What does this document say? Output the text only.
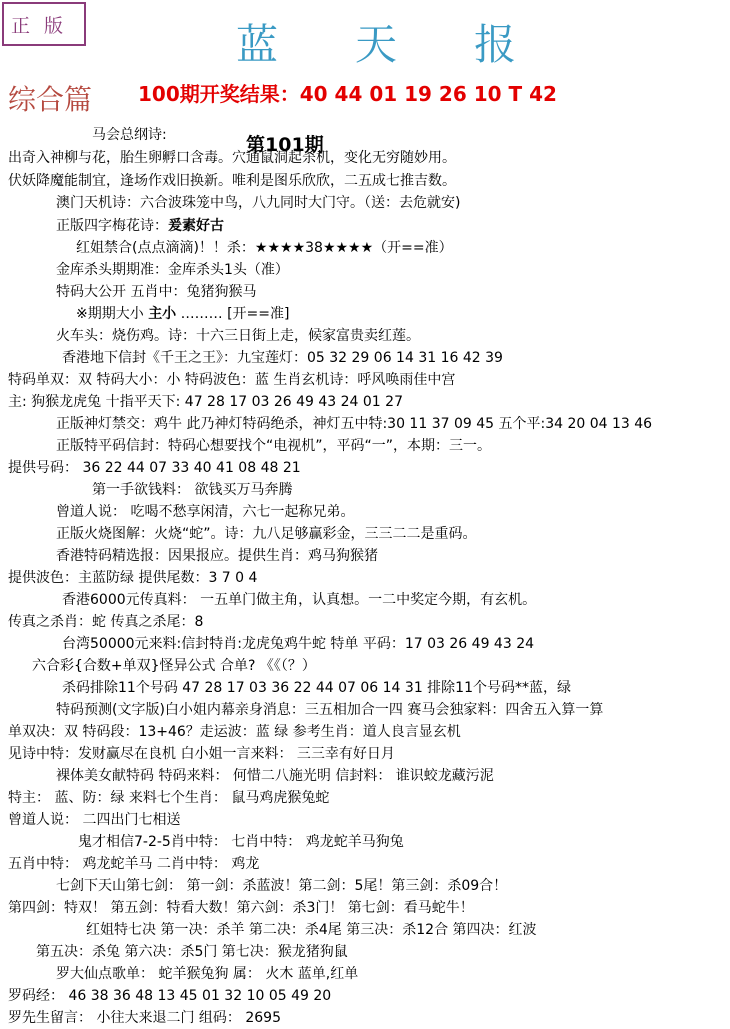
正版	蓝 天 报
综合篇 100期开奖结果：40 44 01 19 26 10 T 42
第101期
马会总纲诗:
出奇入神柳与花，胎生卵孵口含毒。穴通鼠洞起杀机，变化无穷随妙用。
伏妖降魔能制宜，逢场作戏旧换新。唯利是图乐欣欣，二五成七推吉数。
澳门天机诗：六合波珠笼中鸟，八九同时大门守。（送：去危就安)
正版四字梅花诗：爰素好古
红姐禁合(点点滴滴)！！杀：★★★★38★★★★（开==准）
金库杀头期期准：金库杀头1头（准）
特码大公开 五肖中：兔猪狗猴马
※期期大小 主小 ……… [开==准]
火车头：烧伤鸡。诗：十六三日街上走，候家富贵卖红莲。
香港地下信封《千王之王》：九宝莲灯：05 32 29 06 14 31 16 42 39
特码单双：双 特码大小：小 特码波色：蓝 生肖玄机诗：呼风唤雨佳中宫
主: 狗猴龙虎兔 十指平天下: 47 28 17 03 26 49 43 24 01 27
正版神灯禁交：鸡牛 此乃神灯特码绝杀，神灯五中特:30 11 37 09 45 五个平:34 20 04 13 46
正版特平码信封：特码心想要找个“电视机”，平码“一”，本期：三一。
提供号码： 36 22 44 07 33 40 41 08 48 21
第一手欲钱料： 欲钱买万马奔腾
曾道人说： 吃喝不愁享闲清，六七一起称兄弟。
正版火烧图解：火烧“蛇”。诗：九八足够赢彩金，三三二二是重码。
香港特码精选报：因果报应。提供生肖：鸡马狗猴猪
提供波色：主蓝防绿 提供尾数：3 7 0 4
香港6000元传真料： 一五单门做主角，认真想。一二中奖定今期，有玄机。
传真之杀肖：蛇 传真之杀尾：8
台湾50000元来料:信封特肖:龙虎兔鸡牛蛇 特单 平码：17 03 26 49 43 24
六合彩{合数+单双}怪异公式 合单? 《《（？）
杀码排除11个号码 47 28 17 03 36 22 44 07 06 14 31 排除11个号码**蓝，绿
特码预测(文字版)白小姐内幕亲身消息：三五相加合一四 赛马会独家料：四舍五入算一算
单双决：双 特码段：13+46？走运波：蓝 绿 参考生肖：道人良言显玄机
见诗中特：发财赢尽在良机 白小姐一言来料： 三三幸有好日月
裸体美女献特码 特码来料： 何惜二八施光明 信封料： 谁识蛟龙藏污泥
特主： 蓝、防：绿 来料七个生肖： 鼠马鸡虎猴兔蛇
曾道人说： 二四出门七相送
鬼才相信7-2-5肖中特： 七肖中特： 鸡龙蛇羊马狗兔
五肖中特： 鸡龙蛇羊马 二肖中特： 鸡龙
七剑下天山第七剑： 第一剑：杀蓝波！第二剑：5尾！第三剑：杀09合！
第四剑：特双！ 第五剑：特看大数！第六剑：杀3门！ 第七剑：看马蛇牛！
红姐特七决 第一决：杀羊 第二决：杀4尾 第三决：杀12合 第四决：红波
第五决：杀兔 第六决：杀5门 第七决：猴龙猪狗鼠
罗大仙点歌单： 蛇羊猴兔狗 属： 火木 蓝单,红单
罗码经： 46 38 36 48 13 45 01 32 10 05 49 20
罗先生留言： 小往大来退二门 组码： 2695
